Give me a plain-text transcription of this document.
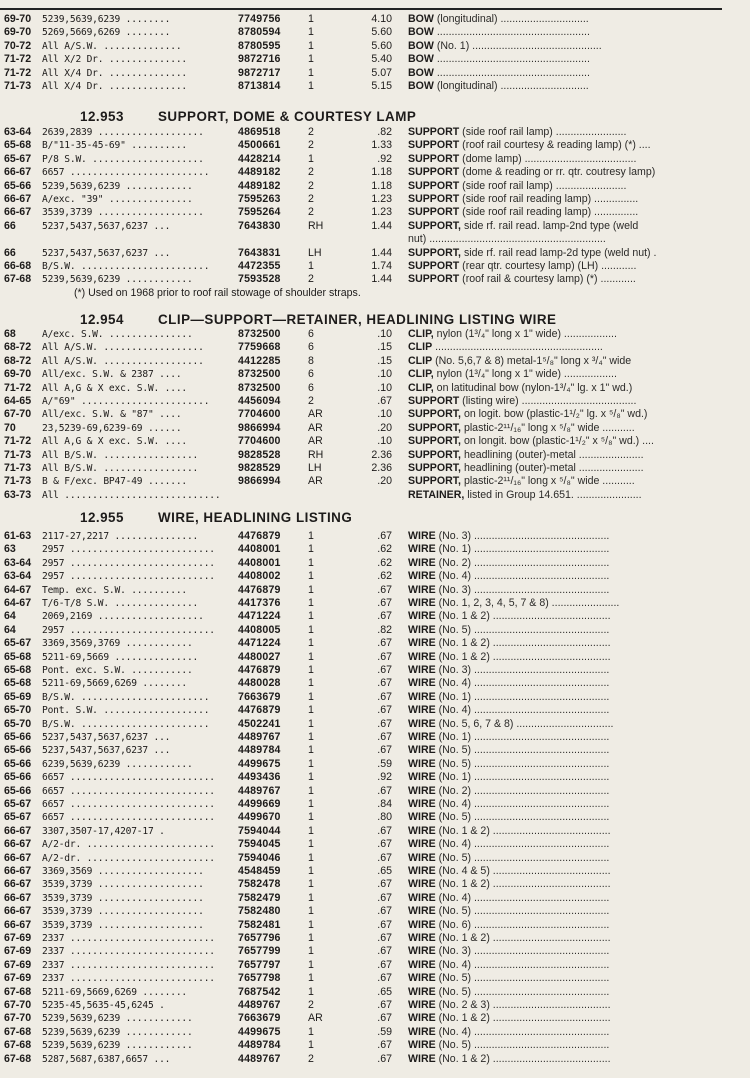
69-70	5239,5639,6239 ........	7749756	1	4.10 BOW (longitudinal) ..............................
69-70	5269,5669,6269 ........	8780594	1	5.60 BOW ....................................................
70-72	All A/S.W. ..............	8780595	1	5.60 BOW (No. 1) ............................................
71-72	All X/2 Dr. ..............	9872716	1	5.40 BOW ....................................................
71-72	All X/4 Dr. ..............	9872717	1	5.07 BOW ....................................................
71-73	All X/4 Dr. ..............	8713814	1	5.15 BOW (longitudinal) ..............................
12.953	SUPPORT, DOME & COURTESY LAMP
63-64	2639,2839 ...................	4869518	2	.82 SUPPORT (side roof rail lamp) ........................
65-68	B/"11-35-45-69" ..........	4500661	2	1.33 SUPPORT (roof rail courtesy & reading lamp) (*) ....
65-67	P/8 S.W. ....................	4428214	1	.92 SUPPORT (dome lamp) ......................................
66-67	6657 .........................	4489182	2	1.18 SUPPORT (dome & reading or rr. qtr. coutresy lamp)
65-66	5239,5639,6239 ............	4489182	2	1.18 SUPPORT (side roof rail lamp) ........................
66-67	A/exc. "39" ...............	7595263	2	1.23 SUPPORT (side roof rail reading lamp) ...............
66-67	3539,3739 ...................	7595264	2	1.23 SUPPORT (side roof rail reading lamp) ...............
66	5237,5437,5637,6237 ...	7643830	RH	1.44 SUPPORT, side rf. rail read. lamp-2nd type (weld
nut) ............................................................
66	5237,5437,5637,6237 ...	7643831	LH	1.44 SUPPORT, side rf. rail read lamp-2d type (weld nut) .
66-68	B/S.W. .......................	4472355	1	1.74 SUPPORT (rear qtr. courtesy lamp) (LH) ............
67-68	5239,5639,6239 ............	7593528	2	1.44 SUPPORT (roof rail & courtesy lamp) (*) ............
(*) Used on 1968 prior to roof rail stowage of shoulder straps.
12.954	CLIP—SUPPORT—RETAINER, HEADLINING LISTING WIRE
68	A/exc. S.W. ...............	8732500	6	.10 CLIP, nylon (1³/₄" long x 1" wide) ..................
68-72	All A/S.W. ..................	7759668	6	.15 CLIP .........................................................
68-72	All A/S.W. ..................	4412285	8	.15 CLIP (No. 5,6,7 & 8) metal-1⁵/₈" long x ³/₄" wide
69-70	All/exc. S.W. & 2387 ....	8732500	6	.10 CLIP, nylon (1³/₄" long x 1" wide) ..................
71-72	All A,G & X exc. S.W. ....	8732500	6	.10 CLIP, on latitudinal bow (nylon-1³/₄" lg. x 1" wd.)
64-65	A/"69" .......................	4456094	2	.67 SUPPORT (listing wire) .......................................
67-70	All/exc. S.W. & "87" ....	7704600	AR	.10 SUPPORT, on logit. bow (plastic-1¹/₂" lg. x ⁵/₈" wd.)
70	23,5239-69,6239-69 ......	9866994	AR	.20 SUPPORT, plastic-2¹¹/₁₆" long x ⁵/₈" wide ...........
71-72	All A,G & X exc. S.W. ....	7704600	AR	.10 SUPPORT, on longit. bow (plastic-1¹/₂" x ⁵/₈" wd.) ....
71-73	All B/S.W. .................	9828528	RH	2.36 SUPPORT, headlining (outer)-metal ......................
71-73	All B/S.W. .................	9828529	LH	2.36 SUPPORT, headlining (outer)-metal ......................
71-73	B & F/exc. BP47-49 .......	9866994	AR	.20 SUPPORT, plastic-2¹¹/₁₆" long x ⁵/₈" wide ...........
63-73	All ............................	RETAINER, listed in Group 14.651. ......................
12.955	WIRE, HEADLINING LISTING
61-63	2117-27,2217 ...............	4476879	1	.67 WIRE (No. 3) ..............................................
63	2957 ..........................	4408001	1	.62 WIRE (No. 1) ..............................................
63-64	2957 ..........................	4408001	1	.62 WIRE (No. 2) ..............................................
63-64	2957 ..........................	4408002	1	.62 WIRE (No. 4) ..............................................
64-67	Temp. exc. S.W. ..........	4476879	1	.67 WIRE (No. 3) ..............................................
64-67	T/6-T/8 S.W. ...............	4417376	1	.67 WIRE (No. 1, 2, 3, 4, 5, 7 & 8) .......................
64	2069,2169 ...................	4471224	1	.67 WIRE (No. 1 & 2) ........................................
64	2957 ..........................	4408005	1	.82 WIRE (No. 5) ..............................................
65-67	3369,3569,3769 ............	4471224	1	.67 WIRE (No. 1 & 2) ........................................
65-68	5211-69,5669 ...............	4480027	1	.67 WIRE (No. 1 & 2) ........................................
65-68	Pont. exc. S.W. ...........	4476879	1	.67 WIRE (No. 3) ..............................................
65-68	5211-69,5669,6269 ........	4480028	1	.67 WIRE (No. 4) ..............................................
65-69	B/S.W. .......................	7663679	1	.67 WIRE (No. 1) ..............................................
65-70	Pont. S.W. ...................	4476879	1	.67 WIRE (No. 4) ..............................................
65-70	B/S.W. .......................	4502241	1	.67 WIRE (No. 5, 6, 7 & 8) .................................
65-66	5237,5437,5637,6237 ...	4489767	1	.67 WIRE (No. 1) ..............................................
65-66	5237,5437,5637,6237 ...	4489784	1	.67 WIRE (No. 5) ..............................................
65-66	6239,5639,6239 ............	4499675	1	.59 WIRE (No. 5) ..............................................
65-66	6657 ..........................	4493436	1	.92 WIRE (No. 1) ..............................................
65-66	6657 ..........................	4489767	1	.67 WIRE (No. 2) ..............................................
65-67	6657 ..........................	4499669	1	.84 WIRE (No. 4) ..............................................
65-67	6657 ..........................	4499670	1	.80 WIRE (No. 5) ..............................................
66-67	3307,3507-17,4207-17 .	7594044	1	.67 WIRE (No. 1 & 2) ........................................
66-67	A/2-dr. .......................	7594045	1	.67 WIRE (No. 4) ..............................................
66-67	A/2-dr. .......................	7594046	1	.67 WIRE (No. 5) ..............................................
66-67	3369,3569 ...................	4548459	1	.65 WIRE (No. 4 & 5) ........................................
66-67	3539,3739 ...................	7582478	1	.67 WIRE (No. 1 & 2) ........................................
66-67	3539,3739 ...................	7582479	1	.67 WIRE (No. 4) ..............................................
66-67	3539,3739 ...................	7582480	1	.67 WIRE (No. 5) ..............................................
66-67	3539,3739 ...................	7582481	1	.67 WIRE (No. 6) ..............................................
67-69	2337 ..........................	7657796	1	.67 WIRE (No. 1 & 2) ........................................
67-69	2337 ..........................	7657799	1	.67 WIRE (No. 3) ..............................................
67-69	2337 ..........................	7657797	1	.67 WIRE (No. 4) ..............................................
67-69	2337 ..........................	7657798	1	.67 WIRE (No. 5) ..............................................
67-68	5211-69,5669,6269 ........	7687542	1	.65 WIRE (No. 5) ..............................................
67-70	5235-45,5635-45,6245 .	4489767	2	.67 WIRE (No. 2 & 3) ........................................
67-70	5239,5639,6239 ............	7663679	AR	.67 WIRE (No. 1 & 2) ........................................
67-68	5239,5639,6239 ............	4499675	1	.59 WIRE (No. 4) ..............................................
67-68	5239,5639,6239 ............	4489784	1	.67 WIRE (No. 5) ..............................................
67-68	5287,5687,6387,6657 ...	4489767	2	.67 WIRE (No. 1 & 2) ........................................
